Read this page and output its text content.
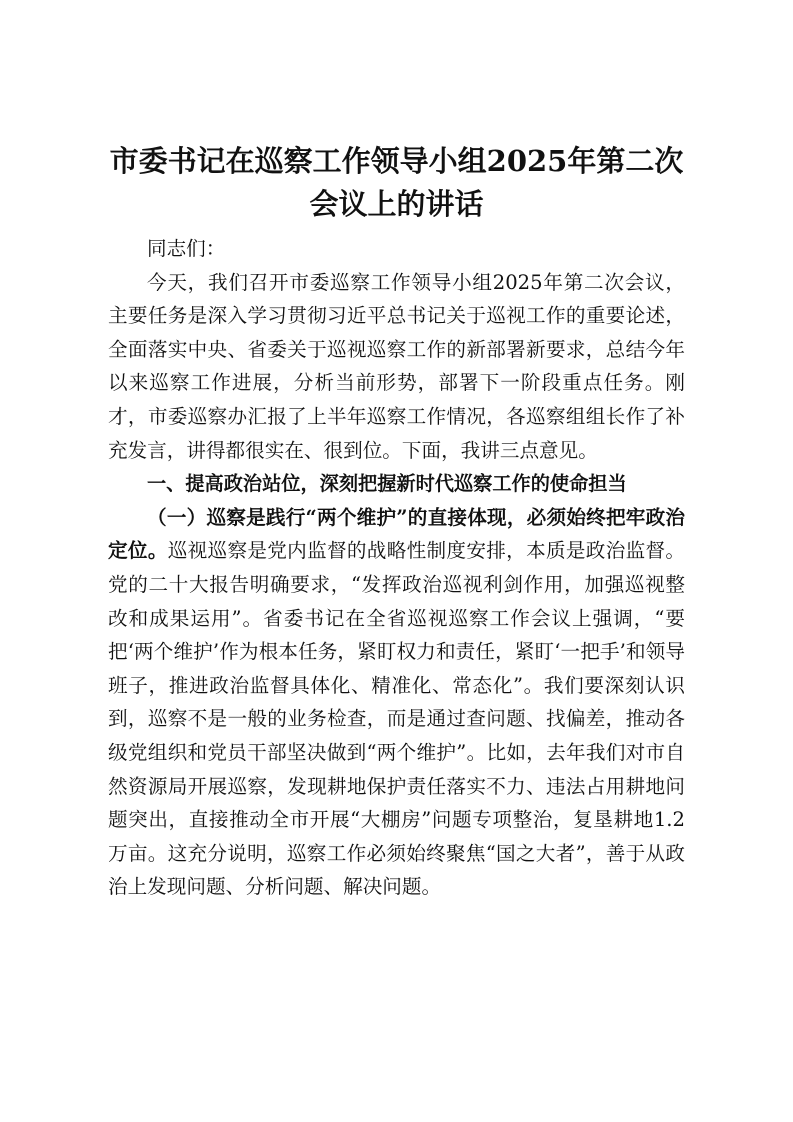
市委书记在巡察工作领导小组2025年第二次
会议上的讲话

同志们：

今天，我们召开市委巡察工作领导小组2025年第二次会议，主要任务是深入学习贯彻习近平总书记关于巡视工作的重要论述，全面落实中央、省委关于巡视巡察工作的新部署新要求，总结今年以来巡察工作进展，分析当前形势，部署下一阶段重点任务。刚才，市委巡察办汇报了上半年巡察工作情况，各巡察组组长作了补充发言，讲得都很实在、很到位。下面，我讲三点意见。

一、提高政治站位，深刻把握新时代巡察工作的使命担当

（一）巡察是践行“两个维护”的直接体现，必须始终把牢政治定位。巡视巡察是党内监督的战略性制度安排，本质是政治监督。党的二十大报告明确要求，“发挥政治巡视利剑作用，加强巡视整改和成果运用”。省委书记在全省巡视巡察工作会议上强调，“要把‘两个维护’作为根本任务，紧盯权力和责任，紧盯‘一把手’和领导班子，推进政治监督具体化、精准化、常态化”。我们要深刻认识到，巡察不是一般的业务检查，而是通过查问题、找偏差，推动各级党组织和党员干部坚决做到“两个维护”。比如，去年我们对市自然资源局开展巡察，发现耕地保护责任落实不力、违法占用耕地问题突出，直接推动全市开展“大棚房”问题专项整治，复垦耕地1.2万亩。这充分说明，巡察工作必须始终聚焦“国之大者”，善于从政治上发现问题、分析问题、解决问题。
